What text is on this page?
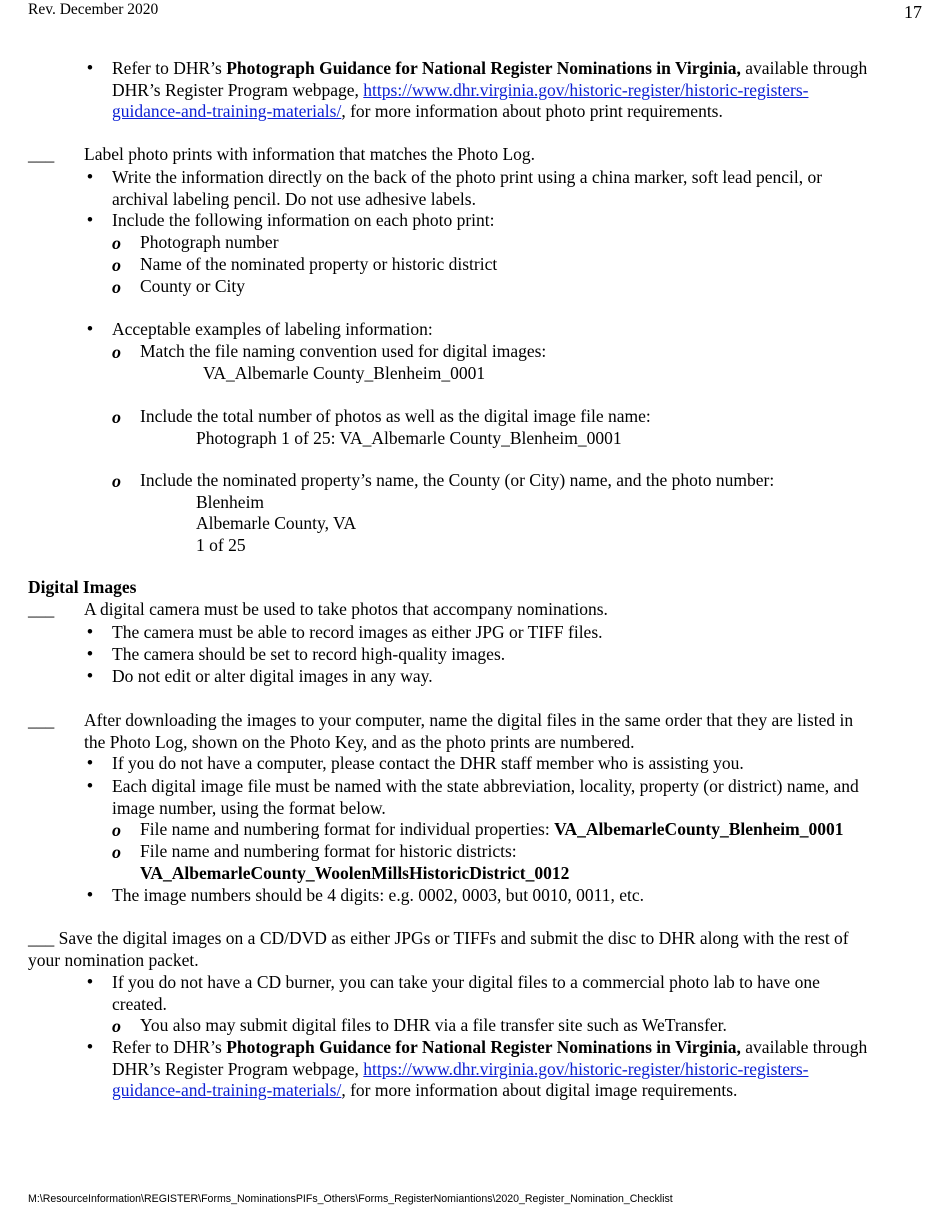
Rev. December 2020	17
•
Refer to DHR’s Photograph Guidance for National Register Nominations in Virginia, available through
DHR’s Register Program webpage, https://www.dhr.virginia.gov/historic-register/historic-registers-
guidance-and-training-materials/, for more information about photo print requirements.
___ Label photo prints with information that matches the Photo Log.
•
Write the information directly on the back of the photo print using a china marker, soft lead pencil, or
archival labeling pencil. Do not use adhesive labels.
•
Include the following information on each photo print:
o Photograph number
o Name of the nominated property or historic district
o County or City
•
Acceptable examples of labeling information:
o Match the file naming convention used for digital images:
VA_Albemarle County_Blenheim_0001
o Include the total number of photos as well as the digital image file name:
Photograph 1 of 25: VA_Albemarle County_Blenheim_0001
o Include the nominated property’s name, the County (or City) name, and the photo number:
Blenheim
Albemarle County, VA
1 of 25
Digital Images
___ A digital camera must be used to take photos that accompany nominations.
•
The camera must be able to record images as either JPG or TIFF files.
•
The camera should be set to record high-quality images.
•
Do not edit or alter digital images in any way.
___ After downloading the images to your computer, name the digital files in the same order that they are listed in
the Photo Log, shown on the Photo Key, and as the photo prints are numbered.
•
If you do not have a computer, please contact the DHR staff member who is assisting you.
•
Each digital image file must be named with the state abbreviation, locality, property (or district) name, and
image number, using the format below.
o File name and numbering format for individual properties: VA_AlbemarleCounty_Blenheim_0001
o File name and numbering format for historic districts:
VA_AlbemarleCounty_WoolenMillsHistoricDistrict_0012
•
The image numbers should be 4 digits: e.g. 0002, 0003, but 0010, 0011, etc.
___ Save the digital images on a CD/DVD as either JPGs or TIFFs and submit the disc to DHR along with the rest of
your nomination packet.
•
If you do not have a CD burner, you can take your digital files to a commercial photo lab to have one
created.
o You also may submit digital files to DHR via a file transfer site such as WeTransfer.
•
Refer to DHR’s Photograph Guidance for National Register Nominations in Virginia, available through
DHR’s Register Program webpage, https://www.dhr.virginia.gov/historic-register/historic-registers-
guidance-and-training-materials/, for more information about digital image requirements.
M:\ResourceInformation\REGISTER\Forms_NominationsPIFs_Others\Forms_RegisterNomiantions\2020_Register_Nomination_Checklist
